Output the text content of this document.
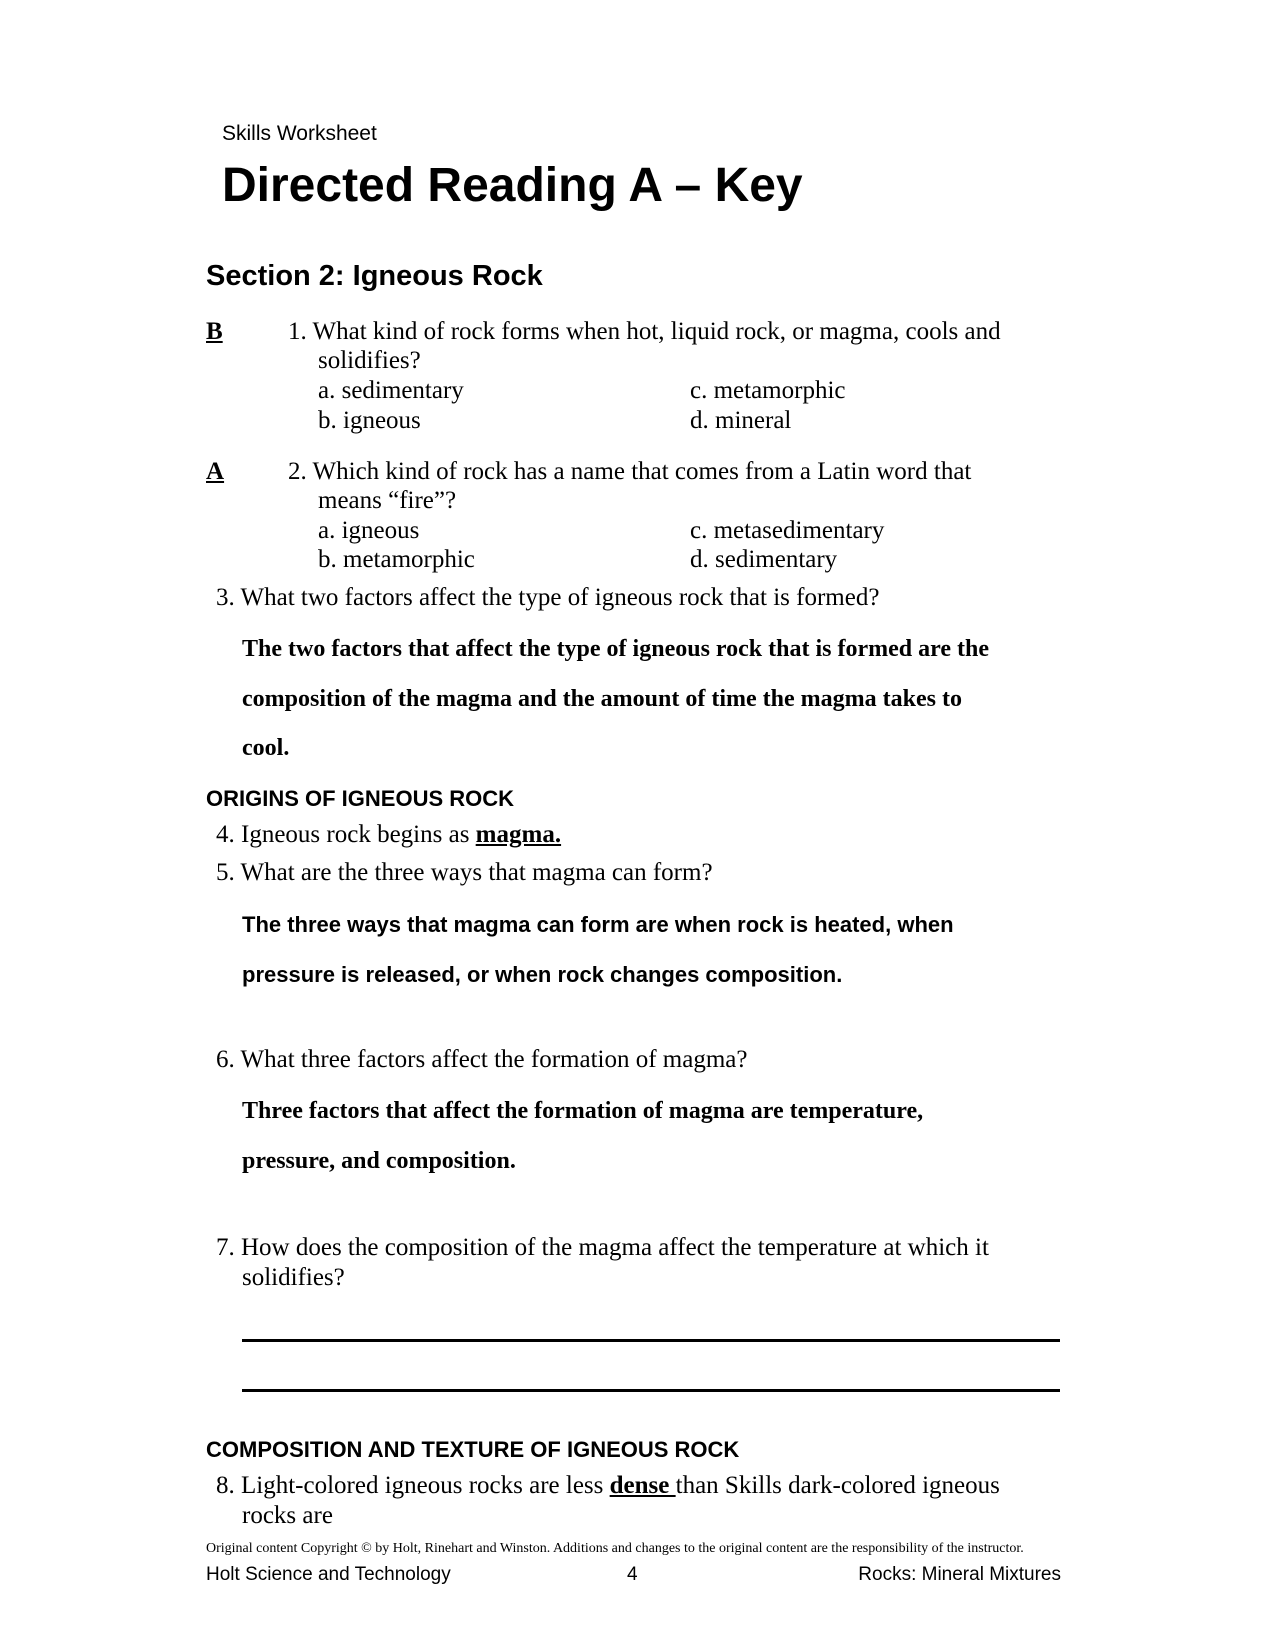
Skills Worksheet
Directed Reading A – Key
Section 2: Igneous Rock
B	1. What kind of rock forms when hot, liquid rock, or magma, cools and
solidifies?
a. sedimentary
b. igneous
c. metamorphic
d. mineral
A	2. Which kind of rock has a name that comes from a Latin word that
means “fire”?
a. igneous
b. metamorphic
c. metasedimentary
d. sedimentary
3. What two factors affect the type of igneous rock that is formed?
The two factors that affect the type of igneous rock that is formed are the
composition of the magma and the amount of time the magma takes to
cool.
ORIGINS OF IGNEOUS ROCK
4. Igneous rock begins as magma.
5. What are the three ways that magma can form?
The three ways that magma can form are when rock is heated, when
pressure is released, or when rock changes composition.
6. What three factors affect the formation of magma?
Three factors that affect the formation of magma are temperature,
pressure, and composition.
7. How does the composition of the magma affect the temperature at which it
solidifies?
COMPOSITION AND TEXTURE OF IGNEOUS ROCK
8. Light-colored igneous rocks are less dense than Skills dark-colored igneous
rocks are
Original content Copyright © by Holt, Rinehart and Winston. Additions and changes to the original content are the responsibility of the instructor.
Holt Science and Technology	4	Rocks: Mineral Mixtures
